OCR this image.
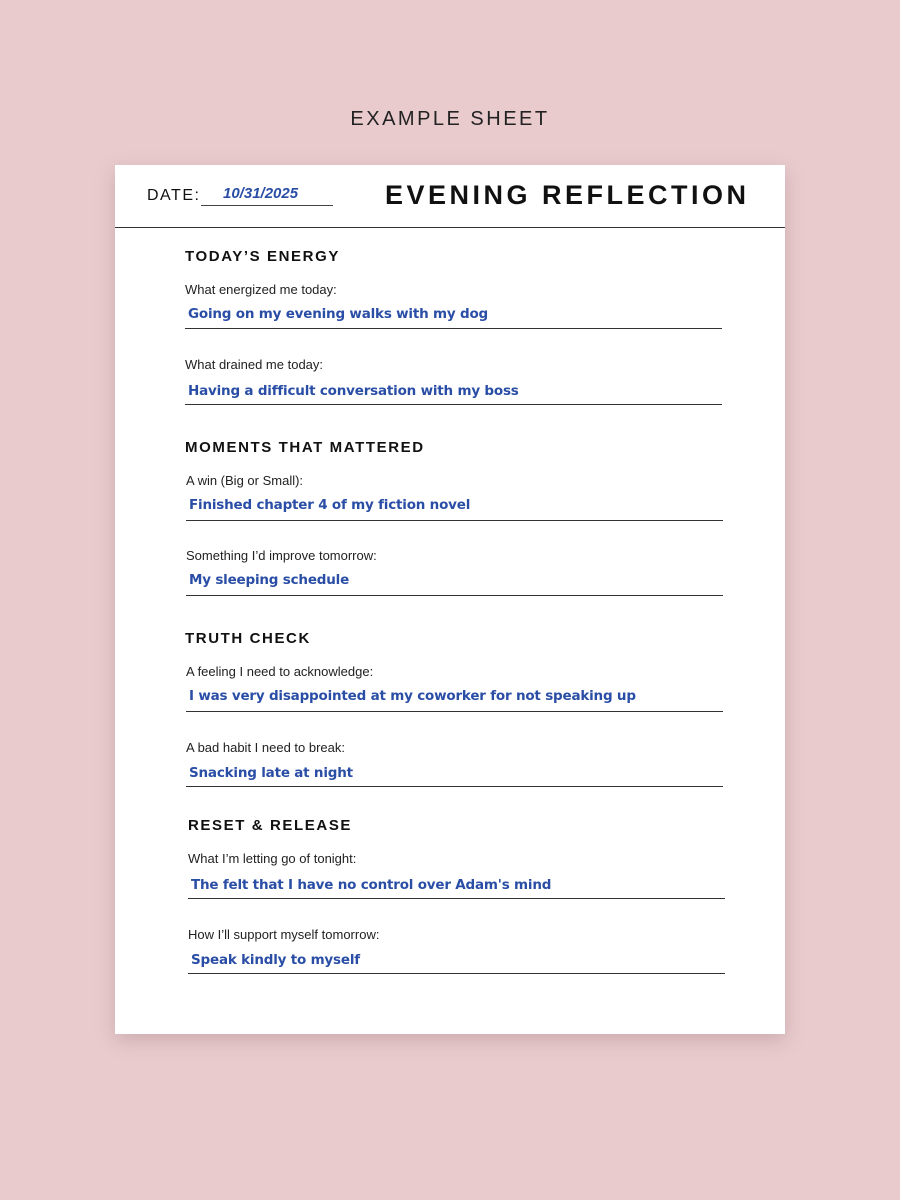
EXAMPLE SHEET
DATE: 10/31/2025	EVENING REFLECTION
TODAY’S ENERGY
What energized me today:
Going on my evening walks with my dog
What drained me today:
Having a difficult conversation with my boss
MOMENTS THAT MATTERED
A win (Big or Small):
Finished chapter 4 of my fiction novel
Something I’d improve tomorrow:
My sleeping schedule
TRUTH CHECK
A feeling I need to acknowledge:
I was very disappointed at my coworker for not speaking up
A bad habit I need to break:
Snacking late at night
RESET & RELEASE
What I’m letting go of tonight:
The felt that I have no control over Adam's mind
How I’ll support myself tomorrow:
Speak kindly to myself
